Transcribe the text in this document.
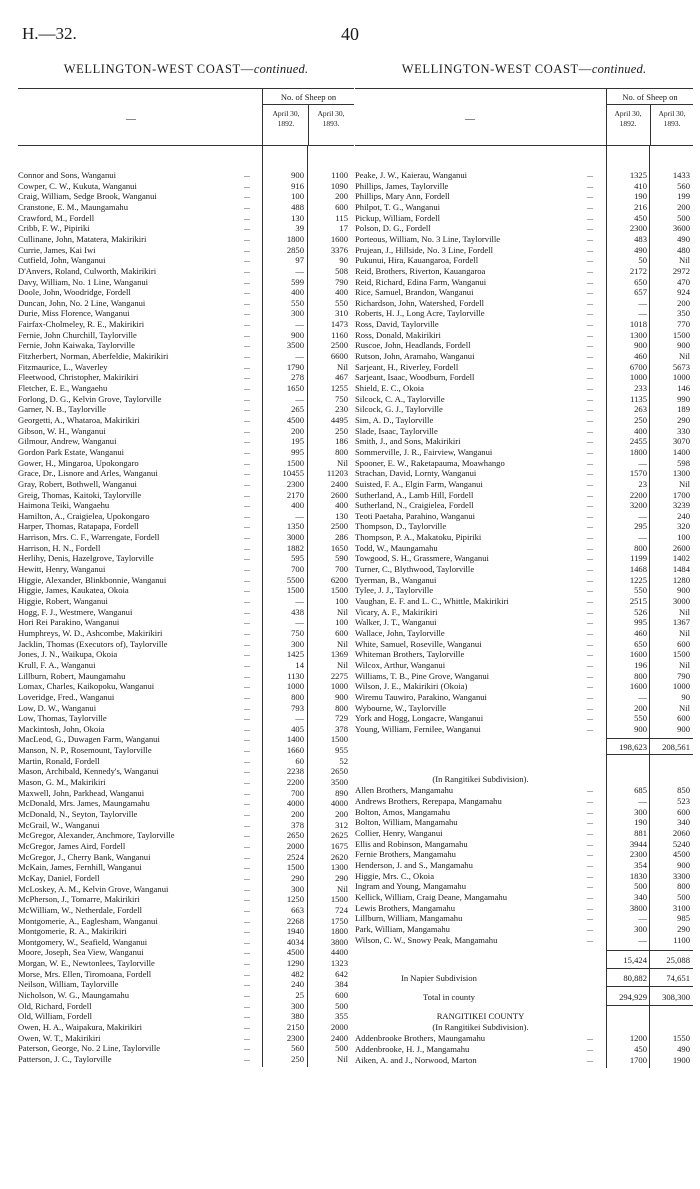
H.—32.	40
WELLINGTON-WEST COAST—continued.
—
No. of Sheep on
April 30, 1892.
April 30, 1893.
Connor and Sons, Wanganui	...	900	1100
Cowper, C. W., Kukuta, Wanganui	...	916	1090
Craig, William, Sedge Brook, Wanganui	...	100	200
Cranstone, E. M., Maungamahu	...	488	600
Crawford, M., Fordell	...	130	115
Cribb, F. W., Pipiriki	...	39	17
Cullinane, John, Matatera, Makirikiri	...	1800	1600
Currie, James, Kai Iwi	...	2850	3376
Cutfield, John, Wanganui	...	97	90
D'Anvers, Roland, Culworth, Makirikiri	...	—	508
Davy, William, No. 1 Line, Wanganui	...	599	790
Doole, John, Woodridge, Fordell	...	400	400
Duncan, John, No. 2 Line, Wanganui	...	550	550
Durie, Miss Florence, Wanganui	...	300	310
Fairfax-Cholmeley, R. E., Makirikiri	...	—	1473
Fernie, John Churchill, Taylorville	...	900	1160
Fernie, John Kaiwaka, Taylorville	...	3500	2500
Fitzherbert, Norman, Aberfeldie, Makirikiri	...	—	6600
Fitzmaurice, L., Waverley	...	1790	Nil
Fleetwood, Christopher, Makirikiri	...	278	467
Fletcher, E. E., Wangaehu	...	1650	1255
Forlong, D. G., Kelvin Grove, Taylorville	...	—	750
Garner, N. B., Taylorville	...	265	230
Georgetti, A., Whataroa, Makirikiri	...	4500	4495
Gibson, W. H., Wanganui	...	200	250
Gilmour, Andrew, Wanganui	...	195	186
Gordon Park Estate, Wanganui	...	995	800
Gower, H., Mingaroa, Upokongaro	...	1500	Nil
Grace, Dr., Lisnore and Arles, Wanganui	...	10455	11203
Gray, Robert, Bothwell, Wanganui	...	2300	2400
Greig, Thomas, Kaitoki, Taylorville	...	2170	2600
Haimona Teiki, Wangaehu	...	400	400
Hamilton, A., Craigielea, Upokongaro	...	—	130
Harper, Thomas, Ratapapa, Fordell	...	1350	2500
Harrison, Mrs. C. F., Warrengate, Fordell	...	3000	286
Harrison, H. N., Fordell	...	1882	1650
Herlihy, Denis, Hazelgrove, Taylorville	...	595	590
Hewitt, Henry, Wanganui	...	700	700
Higgie, Alexander, Blinkbonnie, Wanganui	...	5500	6200
Higgie, James, Kaukatea, Okoia	...	1500	1500
Higgie, Robert, Wanganui	...	—	100
Hogg, F. J., Westmere, Wanganui	...	438	Nil
Hori Rei Parakino, Wanganui	...	—	100
Humphreys, W. D., Ashcombe, Makirikiri	...	750	600
Jacklin, Thomas (Executors of), Taylorville	...	300	Nil
Jones, J. N., Waikupa, Okoia	...	1425	1369
Krull, F. A., Wanganui	...	14	Nil
Lillburn, Robert, Maungamahu	...	1130	2275
Lomax, Charles, Kaikopoku, Wanganui	...	1000	1000
Loveridge, Fred., Wanganui	...	800	900
Low, D. W., Wanganui	...	793	800
Low, Thomas, Taylorville	...	—	729
Mackintosh, John, Okoia	...	405	378
MacLeod, G., Duwagen Farm, Wanganui	...	1400	1500
Manson, N. P., Rosemount, Taylorville	...	1660	955
Martin, Ronald, Fordell	...	60	52
Mason, Archibald, Kennedy's, Wanganui	...	2238	2650
Mason, G. M., Makirikiri	...	2200	3500
Maxwell, John, Parkhead, Wanganui	...	700	890
McDonald, Mrs. James, Maungamahu	...	4000	4000
McDonald, N., Seyton, Taylorville	...	200	200
McGrail, W., Wanganui	...	378	312
McGregor, Alexander, Anchmore, Taylorville	...	2650	2625
McGregor, James Aird, Fordell	...	2000	1675
McGregor, J., Cherry Bank, Wanganui	...	2524	2620
McKain, James, Fernhill, Wanganui	...	1500	1300
McKay, Daniel, Fordell	...	290	290
McLoskey, A. M., Kelvin Grove, Wanganui	...	300	Nil
McPherson, J., Tomarre, Makirikiri	...	1250	1500
McWilliam, W., Netherdale, Fordell	...	663	724
Montgomerie, A., Eaglesham, Wanganui	...	2268	1750
Montgomerie, R. A., Makirikiri	...	1940	1800
Montgomery, W., Seafield, Wanganui	...	4034	3800
Moore, Joseph, Sea View, Wanganui	...	4500	4400
Morgan, W. E., Newtonlees, Taylorville	...	1290	1323
Morse, Mrs. Ellen, Tiromoana, Fordell	...	482	642
Neilson, William, Taylorville	...	240	384
Nicholson, W. G., Maungamahu	...	25	600
Old, Richard, Fordell	...	300	500
Old, William, Fordell	...	380	355
Owen, H. A., Waipakura, Makirikiri	...	2150	2000
Owen, W. T., Makirikiri	...	2300	2400
Paterson, George, No. 2 Line, Taylorville	...	560	500
Patterson, J. C., Taylorville	...	250	Nil
WELLINGTON-WEST COAST—continued.
—
No. of Sheep on
April 30, 1892.
April 30, 1893.
Peake, J. W., Kaierau, Wanganui	...	1325	1433
Phillips, James, Taylorville	...	410	560
Phillips, Mary Ann, Fordell	...	190	199
Philpot, T. G., Wanganui	...	216	200
Pickup, William, Fordell	...	450	500
Polson, D. G., Fordell	...	2300	3600
Porteous, William, No. 3 Line, Taylorville	...	483	490
Prujean, J., Hillside, No. 3 Line, Fordell	...	490	480
Pukunui, Hira, Kauangaroa, Fordell	...	50	Nil
Reid, Brothers, Riverton, Kauangaroa	...	2172	2972
Reid, Richard, Edina Farm, Wanganui	...	650	470
Rice, Samuel, Brandon, Wanganui	...	657	924
Richardson, John, Watershed, Fordell	...	—	200
Roberts, H. J., Long Acre, Taylorville	...	—	350
Ross, David, Taylorville	...	1018	770
Ross, Donald, Makirikiri	...	1300	1500
Ruscoe, John, Headlands, Fordell	...	900	900
Rutson, John, Aramaho, Wanganui	...	460	Nil
Sarjeant, H., Riverley, Fordell	...	6700	5673
Sarjeant, Isaac, Woodburn, Fordell	...	1000	1000
Shield, E. C., Okoia	...	233	146
Silcock, C. A., Taylorville	...	1135	990
Silcock, G. J., Taylorville	...	263	189
Sim, A. D., Taylorville	...	250	290
Slade, Isaac, Taylorville	...	400	330
Smith, J., and Sons, Makirikiri	...	2455	3070
Sommerville, J. R., Fairview, Wanganui	...	1800	1400
Spooner, E. W., Raketapauma, Moawhango	...	—	598
Strachan, David, Lornty, Wanganui	...	1570	1300
Suisted, F. A., Elgin Farm, Wanganui	...	23	Nil
Sutherland, A., Lamb Hill, Fordell	...	2200	1700
Sutherland, N., Craigielea, Fordell	...	3200	3239
Teoti Paetaha, Parahino, Wanganui	...	—	240
Thompson, D., Taylorville	...	295	320
Thompson, P. A., Makatoku, Pipiriki	...	—	100
Todd, W., Maungamahu	...	800	2600
Towgood, S. H., Grassmere, Wanganui	...	1199	1402
Turner, C., Blythwood, Taylorville	...	1468	1484
Tyerman, B., Wanganui	...	1225	1280
Tylee, J. J., Taylorville	...	550	900
Vaughan, E. F. and L. C., Whittle, Makirikiri	...	2515	3000
Vicary, A. F., Makirikiri	...	526	Nil
Walker, J. T., Wanganui	...	995	1367
Wallace, John, Taylorville	...	460	Nil
White, Samuel, Roseville, Wanganui	...	650	600
Whiteman Brothers, Taylorville	...	1600	1500
Wilcox, Arthur, Wanganui	...	196	Nil
Williams, T. B., Pine Grove, Wanganui	...	800	790
Wilson, J. E., Makirikiri (Okoia)	...	1600	1000
Wiremu Tauwiro, Parakino, Wanganui	...	—	90
Wybourne, W., Taylorville	...	200	Nil
York and Hogg, Longacre, Wanganui	...	550	600
Young, William, Fernilee, Wanganui	...	900	900
198,623	208,561
(In Rangitikei Subdivision).
Allen Brothers, Mangamahu	...	685	850
Andrews Brothers, Rerepapa, Mangamahu	...	—	523
Bolton, Amos, Mangamahu	...	300	600
Bolton, William, Mangamahu	...	190	340
Collier, Henry, Wanganui	...	881	2060
Ellis and Robinson, Mangamahu	...	3944	5240
Fernie Brothers, Mangamahu	...	2300	4500
Henderson, J. and S., Mangamahu	...	354	900
Higgie, Mrs. C., Okoia	...	1830	3300
Ingram and Young, Mangamahu	...	500	800
Kellick, William, Craig Deane, Mangamahu	...	340	500
Lewis Brothers, Mangamahu	...	3800	3100
Lillburn, William, Mangamahu	...	—	985
Park, William, Mangamahu	...	300	290
Wilson, C. W., Snowy Peak, Mangamahu	...	—	1100
15,424	25,088
In Napier Subdivision	80,882	74,651
Total in county	294,929	308,300
RANGITIKEI COUNTY
(In Rangitikei Subdivision).
Addenbrooke Brothers, Maungamahu	...	1200	1550
Addenbrooke, H. J., Mangamahu	...	450	490
Aiken, A. and J., Norwood, Marton	...	1700	1900
